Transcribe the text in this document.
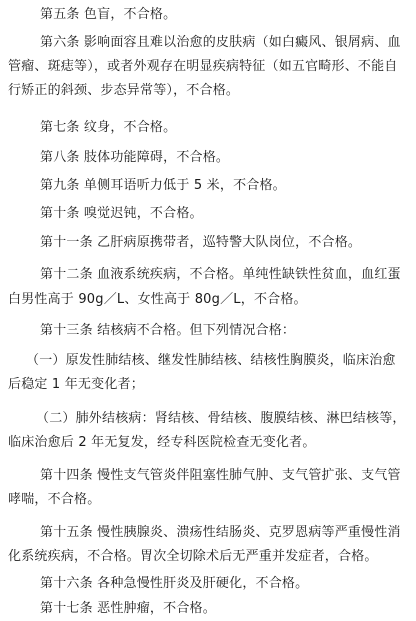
第五条 色盲，不合格。
第六条 影响面容且难以治愈的皮肤病（如白癜风、银屑病、血
管瘤、斑痣等），或者外观存在明显疾病特征（如五官畸形、不能自
行矫正的斜颈、步态异常等），不合格。
第七条 纹身，不合格。
第八条 肢体功能障碍，不合格。
第九条 单侧耳语听力低于 5 米，不合格。
第十条 嗅觉迟钝，不合格。
第十一条 乙肝病原携带者，巡特警大队岗位，不合格。
第十二条 血液系统疾病，不合格。单纯性缺铁性贫血，血红蛋
白男性高于 90g／L、女性高于 80g／L，不合格。
第十三条 结核病不合格。但下列情况合格：
（一）原发性肺结核、继发性肺结核、结核性胸膜炎，临床治愈
后稳定 1 年无变化者；
（二）肺外结核病：肾结核、骨结核、腹膜结核、淋巴结核等，
临床治愈后 2 年无复发，经专科医院检查无变化者。
第十四条 慢性支气管炎伴阻塞性肺气肿、支气管扩张、支气管
哮喘，不合格。
第十五条 慢性胰腺炎、溃疡性结肠炎、克罗恩病等严重慢性消
化系统疾病，不合格。胃次全切除术后无严重并发症者，合格。
第十六条 各种急慢性肝炎及肝硬化，不合格。
第十七条 恶性肿瘤，不合格。
